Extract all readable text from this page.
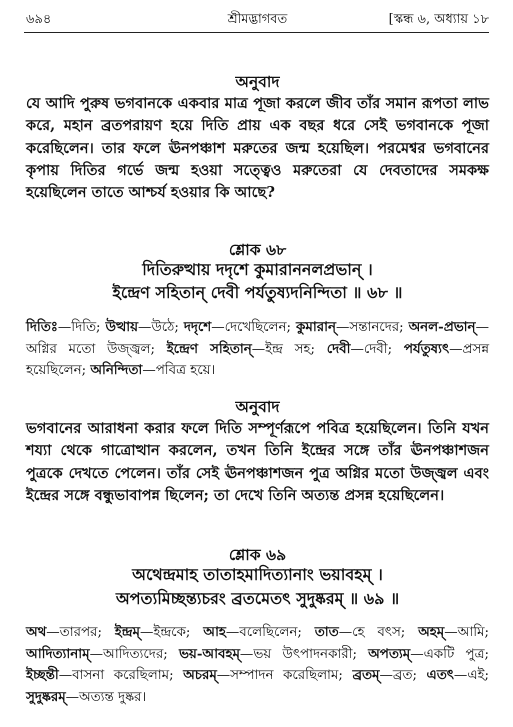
৬৯৪	শ্রীমদ্ভাগবত	[স্কন্ধ ৬, অধ্যায় ১৮
অনুবাদ
যে আদি পুরুষ ভগবানকে একবার মাত্র পূজা করলে জীব তাঁর সমান রূপতা লাভ করে, মহান ব্রতপরায়ণ হয়ে দিতি প্রায় এক বছর ধরে সেই ভগবানকে পূজা করেছিলেন। তার ফলে ঊনপঞ্চাশ মরুতের জন্ম হয়েছিল। পরমেশ্বর ভগবানের কৃপায় দিতির গর্ভে জন্ম হওয়া সত্ত্বেও মরুতেরা যে দেবতাদের সমকক্ষ হয়েছিলেন তাতে আশ্চর্য হওয়ার কি আছে?
শ্লোক ৬৮
দিতিরুত্থায় দদৃশে কুমারাননলপ্রভান্ ।
ইন্দ্রেণ সহিতান্ দেবী পর্যতুষ্যদনিন্দিতা ॥ ৬৮ ॥
দিতিঃ—দিতি; উত্থায়—উঠে; দদৃশে—দেখেছিলেন; কুমারান্—সন্তানদের; অনল-প্রভান্—অগ্নির মতো উজ্জ্বল; ইন্দ্রেণ সহিতান্—ইন্দ্র সহ; দেবী—দেবী; পর্যতুষ্যৎ—প্রসন্ন হয়েছিলেন; অনিন্দিতা—পবিত্র হয়ে।
অনুবাদ
ভগবানের আরাধনা করার ফলে দিতি সম্পূর্ণরূপে পবিত্র হয়েছিলেন। তিনি যখন শয্যা থেকে গাত্রোত্থান করলেন, তখন তিনি ইন্দ্রের সঙ্গে তাঁর ঊনপঞ্চাশজন পুত্রকে দেখতে পেলেন। তাঁর সেই ঊনপঞ্চাশজন পুত্র অগ্নির মতো উজ্জ্বল এবং ইন্দ্রের সঙ্গে বন্ধুভাবাপন্ন ছিলেন; তা দেখে তিনি অত্যন্ত প্রসন্ন হয়েছিলেন।
শ্লোক ৬৯
অথেন্দ্রমাহ তাতাহমাদিত্যানাং ভয়াবহম্ ।
অপত্যমিচ্ছন্ত্যচরং ব্রতমেতৎ সুদুষ্করম্ ॥ ৬৯ ॥
অথ—তারপর; ইন্দ্রম্—ইন্দ্রকে; আহ—বলেছিলেন; তাত—হে বৎস; অহম্—আমি; আদিত্যানাম্—আদিত্যদের; ভয়-আবহম্—ভয় উৎপাদনকারী; অপত্যম্—একটি পুত্র; ইচ্ছন্তী—বাসনা করেছিলাম; অচরম্—সম্পাদন করেছিলাম; ব্রতম্—ব্রত; এতৎ—এই; সুদুষ্করম্—অত্যন্ত দুষ্কর।
